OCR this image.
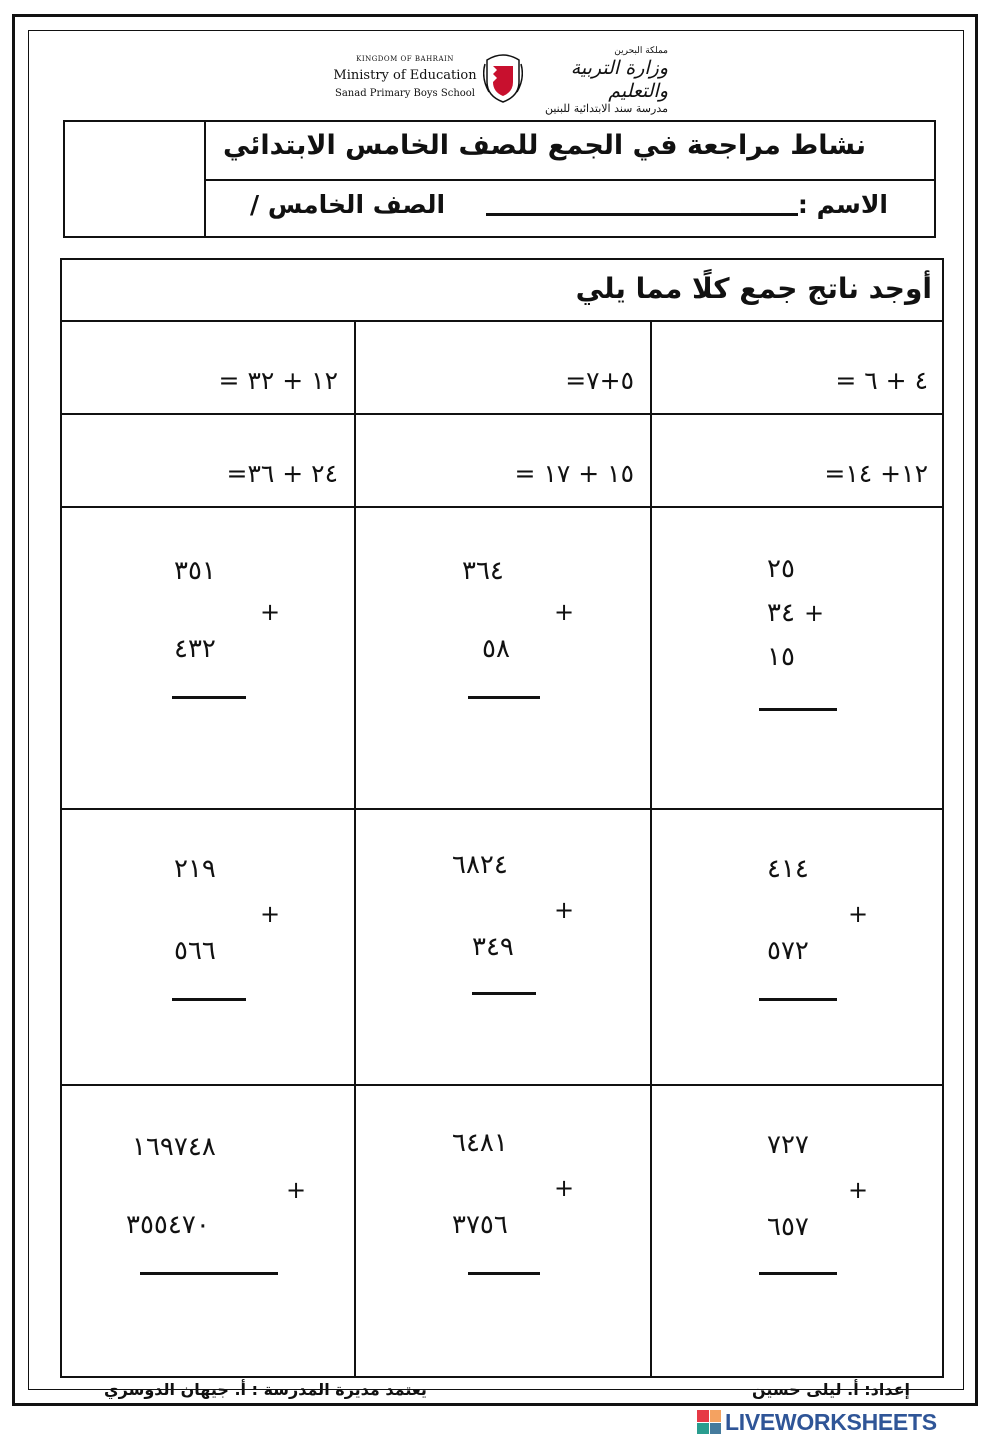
KINGDOM OF BAHRAIN
Ministry of Education
Sanad Primary Boys School
مملكة البحرين
وزارة التربية والتعليم
مدرسة سند الابتدائية للبنين
نشاط مراجعة في الجمع للصف الخامس الابتدائي
الاسم :
الصف الخامس /
أوجد ناتج جمع كلًا مما يلي
٤ + ٦ =
٥+٧=
١٢ + ٣٢ =
١٢+ ١٤=
١٥ + ١٧ =
٢٤ + ٣٦=
٢٥
٣٤ +
١٥
٣٦٤
+
٥٨
٣٥١
+
٤٣٢
٤١٤
+
٥٧٢
٦٨٢٤
+
٣٤٩
٢١٩
+
٥٦٦
٧٢٧
+
٦٥٧
٦٤٨١
+
٣٧٥٦
١٦٩٧٤٨
+
٣٥٥٤٧٠
إعداد: أ. ليلى حسين
يعتمد مديرة المدرسة : أ. جيهان الدوسري
LIVEWORKSHEETS
